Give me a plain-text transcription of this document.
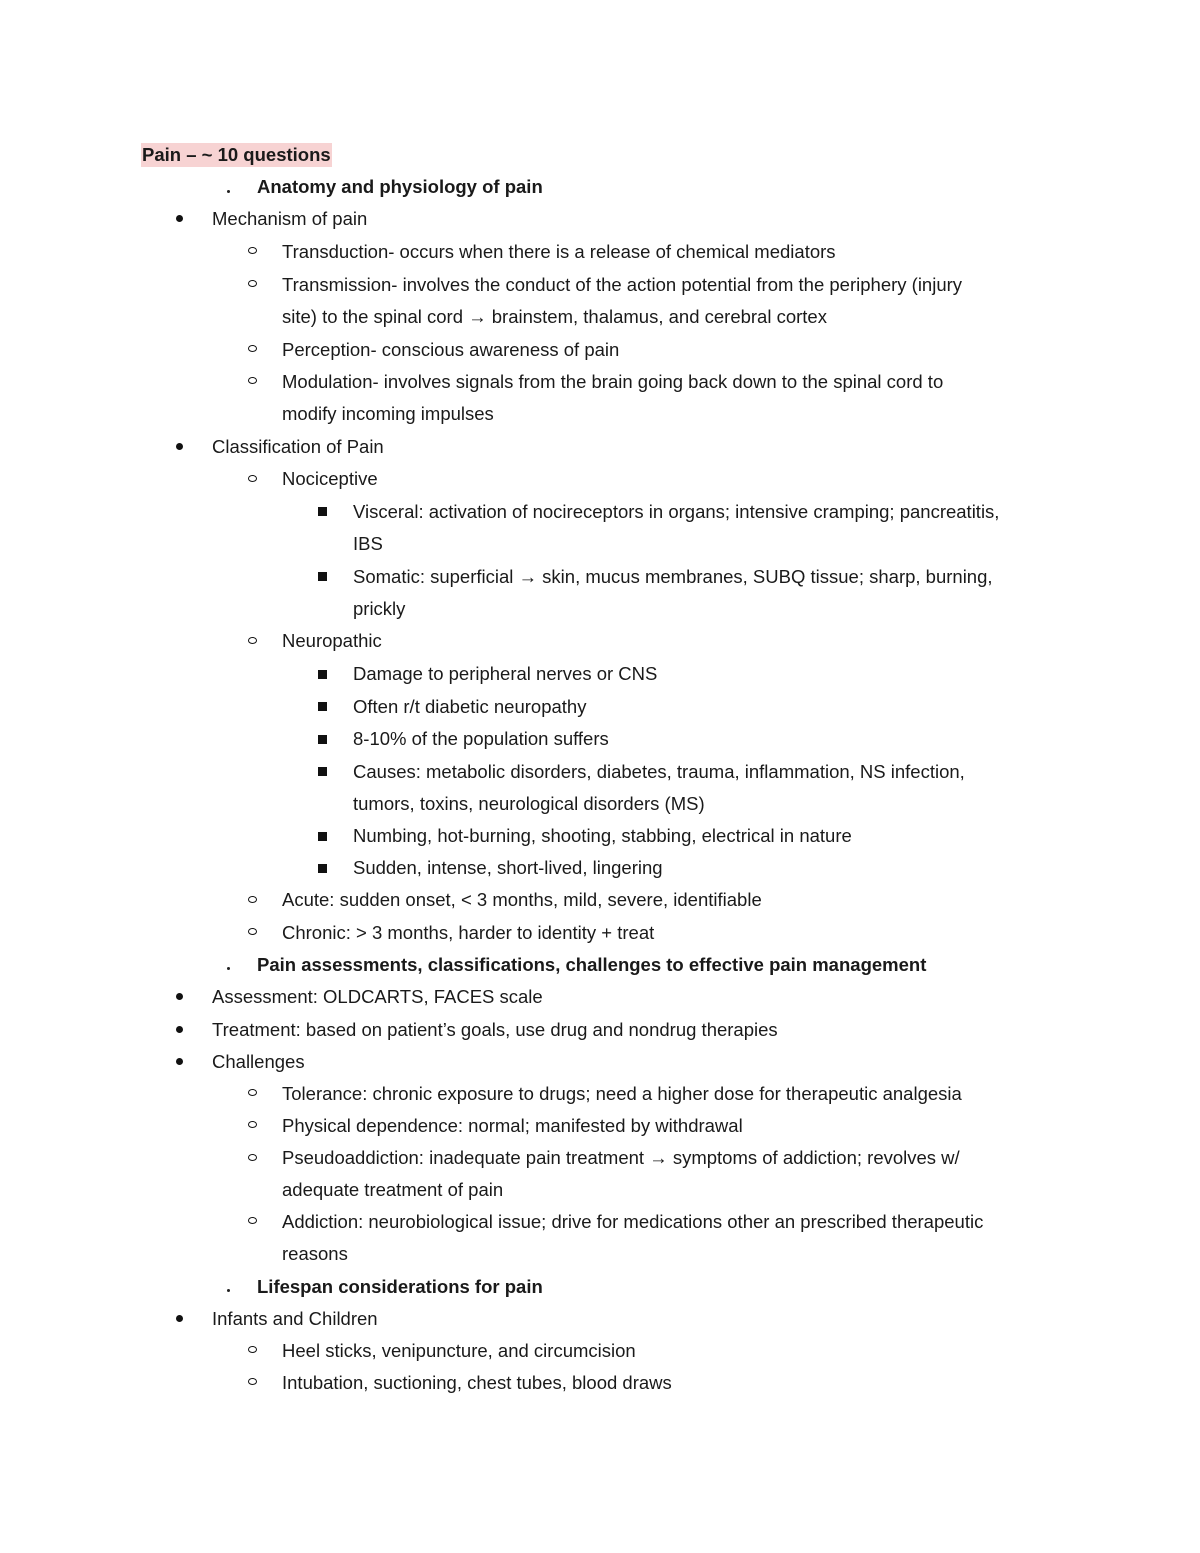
Pain – ~ 10 questions
Anatomy and physiology of pain
Mechanism of pain
Transduction- occurs when there is a release of chemical mediators
Transmission- involves the conduct of the action potential from the periphery (injury
site) to the spinal cord → brainstem, thalamus, and cerebral cortex
Perception- conscious awareness of pain
Modulation- involves signals from the brain going back down to the spinal cord to
modify incoming impulses
Classification of Pain
Nociceptive
Visceral: activation of nocireceptors in organs; intensive cramping; pancreatitis,
IBS
Somatic: superficial → skin, mucus membranes, SUBQ tissue; sharp, burning,
prickly
Neuropathic
Damage to peripheral nerves or CNS
Often r/t diabetic neuropathy
8-10% of the population suffers
Causes: metabolic disorders, diabetes, trauma, inflammation, NS infection,
tumors, toxins, neurological disorders (MS)
Numbing, hot-burning, shooting, stabbing, electrical in nature
Sudden, intense, short-lived, lingering
Acute: sudden onset, < 3 months, mild, severe, identifiable
Chronic: > 3 months, harder to identity + treat
Pain assessments, classifications, challenges to effective pain management
Assessment: OLDCARTS, FACES scale
Treatment: based on patient’s goals, use drug and nondrug therapies
Challenges
Tolerance: chronic exposure to drugs; need a higher dose for therapeutic analgesia
Physical dependence: normal; manifested by withdrawal
Pseudoaddiction: inadequate pain treatment → symptoms of addiction; revolves w/
adequate treatment of pain
Addiction: neurobiological issue; drive for medications other an prescribed therapeutic
reasons
Lifespan considerations for pain
Infants and Children
Heel sticks, venipuncture, and circumcision
Intubation, suctioning, chest tubes, blood draws
